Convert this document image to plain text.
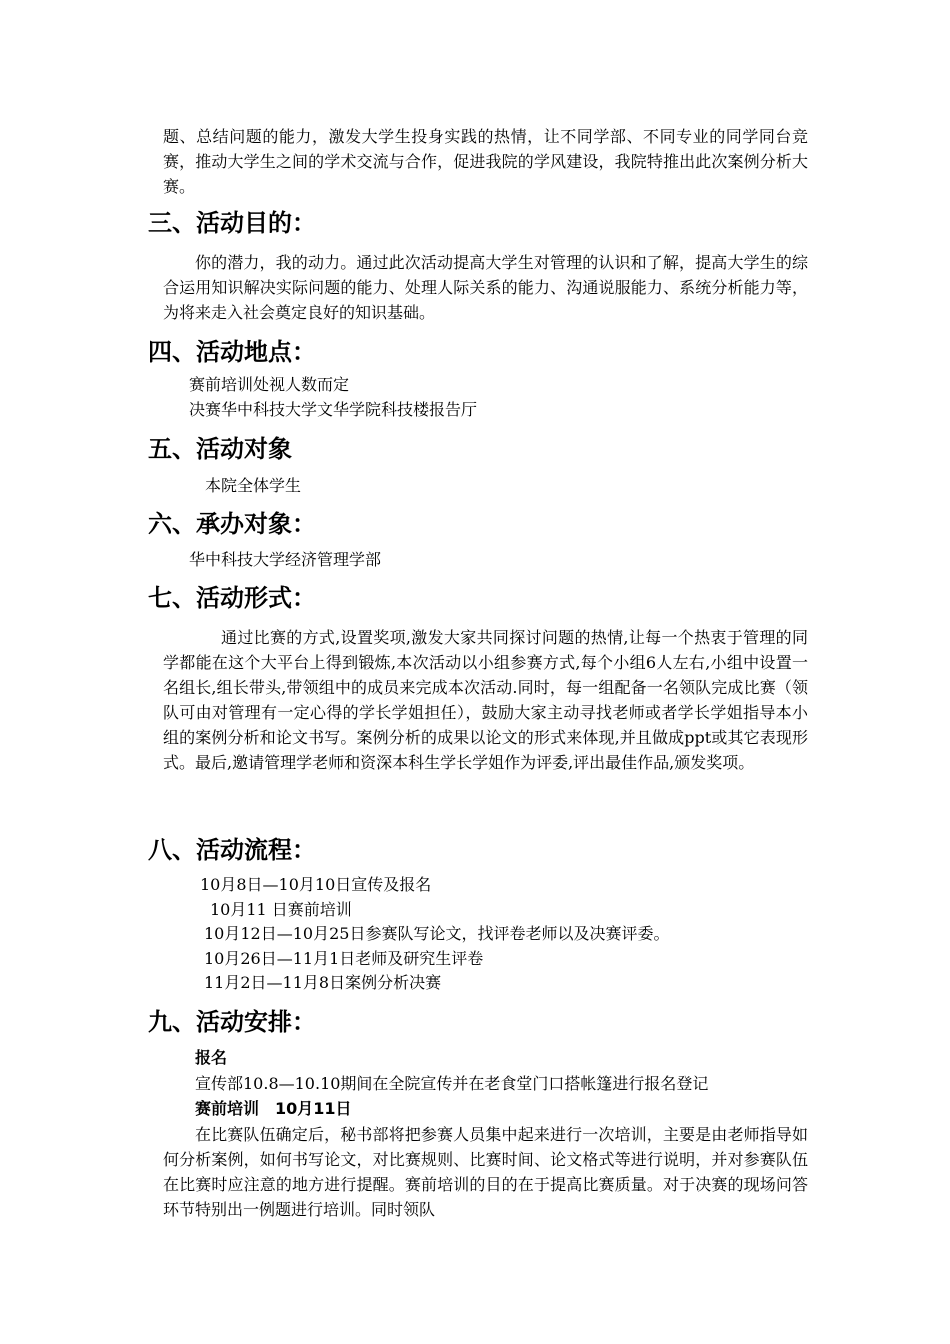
题、总结问题的能力，激发大学生投身实践的热情，让不同学部、不同专业的同学同台竞赛，推动大学生之间的学术交流与合作，促进我院的学风建设，我院特推出此次案例分析大赛。
三、活动目的：
你的潜力，我的动力。通过此次活动提高大学生对管理的认识和了解，提高大学生的综合运用知识解决实际问题的能力、处理人际关系的能力、沟通说服能力、系统分析能力等，为将来走入社会奠定良好的知识基础。
四、活动地点：
赛前培训处视人数而定
决赛华中科技大学文华学院科技楼报告厅
五、活动对象
本院全体学生
六、承办对象：
华中科技大学经济管理学部
七、活动形式：
通过比赛的方式,设置奖项,激发大家共同探讨问题的热情,让每一个热衷于管理的同学都能在这个大平台上得到锻炼,本次活动以小组参赛方式,每个小组6人左右,小组中设置一名组长,组长带头,带领组中的成员来完成本次活动.同时，每一组配备一名领队完成比赛（领队可由对管理有一定心得的学长学姐担任），鼓励大家主动寻找老师或者学长学姐指导本小组的案例分析和论文书写。案例分析的成果以论文的形式来体现,并且做成ppt或其它表现形式。最后,邀请管理学老师和资深本科生学长学姐作为评委,评出最佳作品,颁发奖项。
八、活动流程：
10月8日—10月10日宣传及报名
10月11 日赛前培训
10月12日—10月25日参赛队写论文，找评卷老师以及决赛评委。
10月26日—11月1日老师及研究生评卷
11月2日—11月8日案例分析决赛
九、活动安排：
报名
宣传部10.8—10.10期间在全院宣传并在老食堂门口搭帐篷进行报名登记
赛前培训　10月11日
在比赛队伍确定后，秘书部将把参赛人员集中起来进行一次培训，主要是由老师指导如何分析案例，如何书写论文，对比赛规则、比赛时间、论文格式等进行说明，并对参赛队伍在比赛时应注意的地方进行提醒。赛前培训的目的在于提高比赛质量。对于决赛的现场问答环节特别出一例题进行培训。同时领队
